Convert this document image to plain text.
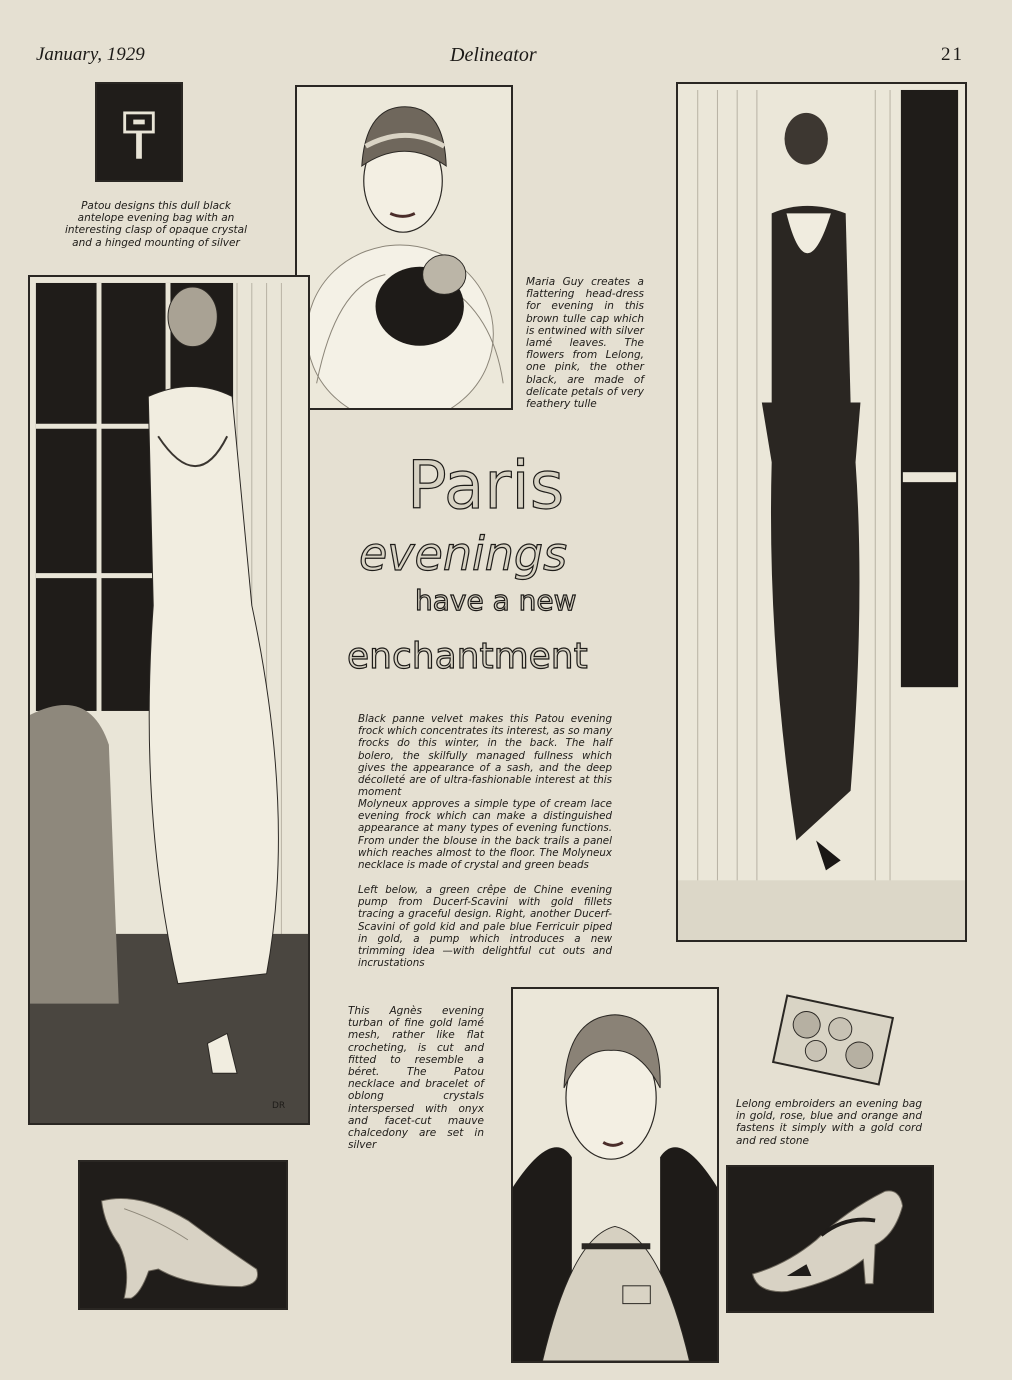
January, 1929	Delineator	21
Patou designs this dull black antelope evening bag with an interesting clasp of opaque crystal and a hinged mounting of silver
Maria Guy creates a flattering head-dress for evening in this brown tulle cap which is entwined with silver lamé leaves. The flowers from Lelong, one pink, the other black, are made of delicate petals of very feathery tulle
DR
Paris
evenings
have a new
enchantment
Black panne velvet makes this Patou evening frock which concentrates its interest, as so many frocks do this winter, in the back. The half bolero, the skilfully managed fullness which gives the appearance of a sash, and the deep décolleté are of ultra-fashionable interest at this moment
Molyneux approves a simple type of cream lace evening frock which can make a distinguished appearance at many types of evening functions. From under the blouse in the back trails a panel which reaches almost to the floor. The Molyneux necklace is made of crystal and green beads
Left below, a green crêpe de Chine evening pump from Ducerf-Scavini with gold fillets tracing a graceful design. Right, another Ducerf-Scavini of gold kid and pale blue Ferricuir piped in gold, a pump which introduces a new trimming idea —with delightful cut outs and incrustations
This Agnès evening turban of fine gold lamé mesh, rather like flat crocheting, is cut and fitted to resemble a béret. The Patou necklace and bracelet of oblong crystals interspersed with onyx and facet-cut mauve chalcedony are set in silver
Lelong embroiders an evening bag in gold, rose, blue and orange and fastens it simply with a gold cord and red stone
